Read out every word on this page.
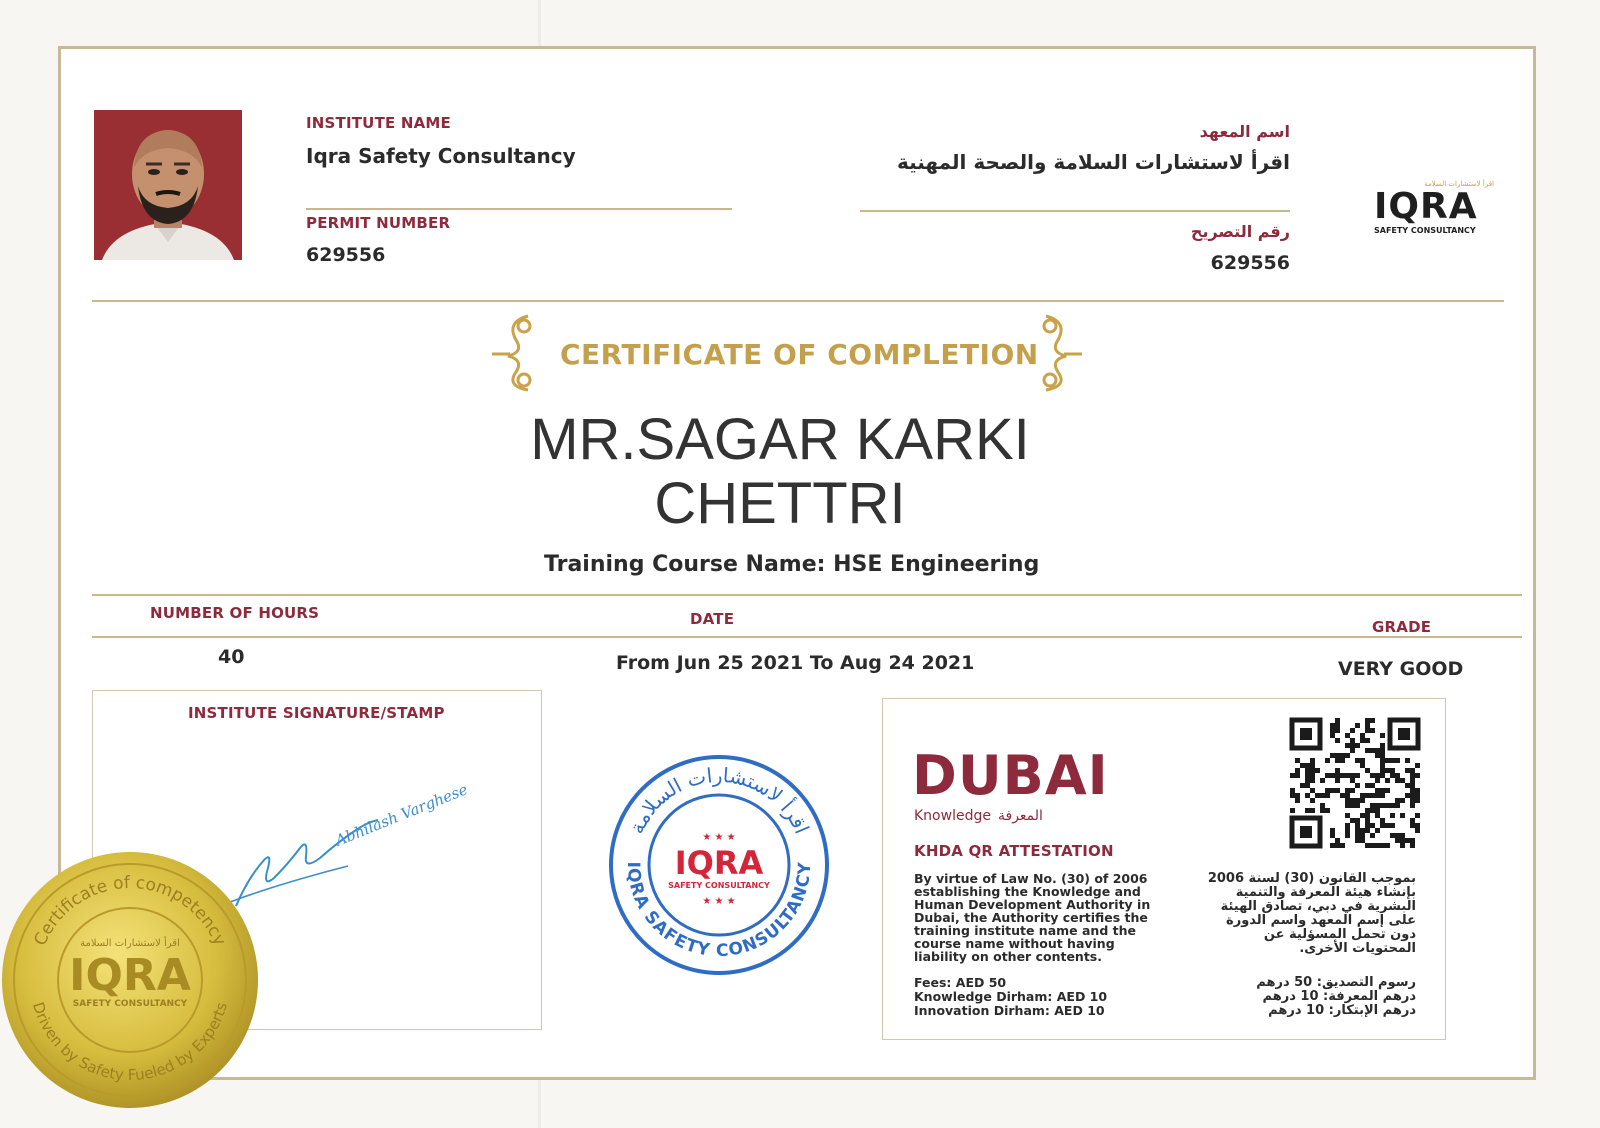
INSTITUTE NAME
Iqra Safety Consultancy
PERMIT NUMBER
629556
اسم المعهد
اقرأ لاستشارات السلامة والصحة المهنية
رقم التصريح
629556
اقرأ لاستشارات السلامة
IQRA
SAFETY CONSULTANCY
CERTIFICATE OF COMPLETION
MR.SAGAR KARKI
CHETTRI
Training Course Name: HSE Engineering
NUMBER OF HOURS	DATE	GRADE
40	From Jun 25 2021 To Aug 24 2021	VERY GOOD
INSTITUTE SIGNATURE/STAMP
Abhilash Varghese	اقرأ لاستشارات السلامة
IQRA SAFETY CONSULTANCY
★ ★ ★
IQRA
SAFETY CONSULTANCY
★ ★ ★
DUBAI
Knowledge المعرفة
KHDA QR ATTESTATION
By virtue of Law No. (30) of 2006 establishing the Knowledge and Human Development Authority in Dubai, the Authority certifies the training institute name and the course name without having liability on other contents.
Fees: AED 50
Knowledge Dirham: AED 10
Innovation Dirham: AED 10
بموجب القانون (30) لسنة 2006 بإنشاء هيئة المعرفة والتنمية البشرية في دبي، تصادق الهيئة على إسم المعهد واسم الدورة دون تحمل المسؤلية عن المحتويات الأخرى.
رسوم التصديق: 50 درهم
درهم المعرفة: 10 درهم
درهم الإبتكار: 10 درهم
Certificate of competency
Driven by Safety Fueled by Experts
اقرأ لاستشارات السلامة
IQRA
SAFETY CONSULTANCY
